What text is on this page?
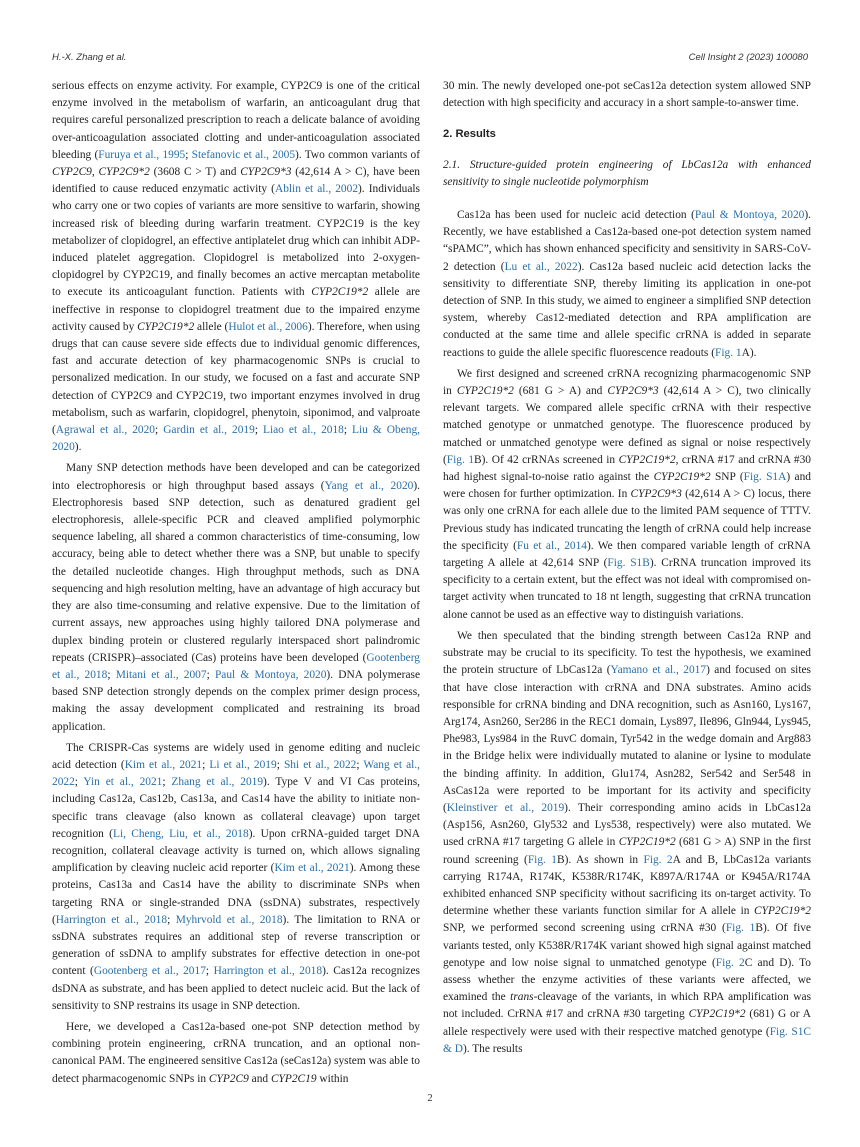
H.-X. Zhang et al.	Cell Insight 2 (2023) 100080

serious effects on enzyme activity. For example, CYP2C9 is one of the critical enzyme involved in the metabolism of warfarin, an anticoagulant drug that requires careful personalized prescription to reach a delicate balance of avoiding over-anticoagulation associated clotting and under-anticoagulation associated bleeding (Furuya et al., 1995; Stefanovic et al., 2005). Two common variants of CYP2C9, CYP2C9*2 (3608 C > T) and CYP2C9*3 (42,614 A > C), have been identified to cause reduced enzymatic activity (Ablin et al., 2002). Individuals who carry one or two copies of variants are more sensitive to warfarin, showing increased risk of bleeding during warfarin treatment. CYP2C19 is the key metabolizer of clopidogrel, an effective antiplatelet drug which can inhibit ADP-induced platelet aggregation. Clopidogrel is metabolized into 2-oxygen-clopidogrel by CYP2C19, and finally becomes an active mercaptan metabolite to execute its anticoagulant function. Patients with CYP2C19*2 allele are ineffective in response to clopidogrel treatment due to the impaired enzyme activity caused by CYP2C19*2 allele (Hulot et al., 2006). Therefore, when using drugs that can cause severe side effects due to individual genomic differences, fast and accurate detection of key pharmacogenomic SNPs is crucial to personalized medication. In our study, we focused on a fast and accurate SNP detection of CYP2C9 and CYP2C19, two important enzymes involved in drug metabolism, such as warfarin, clopidogrel, phenytoin, siponimod, and valproate (Agrawal et al., 2020; Gardin et al., 2019; Liao et al., 2018; Liu & Obeng, 2020).

Many SNP detection methods have been developed and can be categorized into electrophoresis or high throughput based assays (Yang et al., 2020). Electrophoresis based SNP detection, such as denatured gradient gel electrophoresis, allele-specific PCR and cleaved amplified polymorphic sequence labeling, all shared a common characteristics of time-consuming, low accuracy, being able to detect whether there was a SNP, but unable to specify the detailed nucleotide changes. High throughput methods, such as DNA sequencing and high resolution melting, have an advantage of high accuracy but they are also time-consuming and relative expensive. Due to the limitation of current assays, new approaches using highly tailored DNA polymerase and duplex binding protein or clustered regularly interspaced short palindromic repeats (CRISPR)–associated (Cas) proteins have been developed (Gootenberg et al., 2018; Mitani et al., 2007; Paul & Montoya, 2020). DNA polymerase based SNP detection strongly depends on the complex primer design process, making the assay development complicated and restraining its broad application.

The CRISPR-Cas systems are widely used in genome editing and nucleic acid detection (Kim et al., 2021; Li et al., 2019; Shi et al., 2022; Wang et al., 2022; Yin et al., 2021; Zhang et al., 2019). Type V and VI Cas proteins, including Cas12a, Cas12b, Cas13a, and Cas14 have the ability to initiate non-specific trans cleavage (also known as collateral cleavage) upon target recognition (Li, Cheng, Liu, et al., 2018). Upon crRNA-guided target DNA recognition, collateral cleavage activity is turned on, which allows signaling amplification by cleaving nucleic acid reporter (Kim et al., 2021). Among these proteins, Cas13a and Cas14 have the ability to discriminate SNPs when targeting RNA or single-stranded DNA (ssDNA) substrates, respectively (Harrington et al., 2018; Myhrvold et al., 2018). The limitation to RNA or ssDNA substrates requires an additional step of reverse transcription or generation of ssDNA to amplify substrates for effective detection in one-pot content (Gootenberg et al., 2017; Harrington et al., 2018). Cas12a recognizes dsDNA as substrate, and has been applied to detect nucleic acid. But the lack of sensitivity to SNP restrains its usage in SNP detection.

Here, we developed a Cas12a-based one-pot SNP detection method by combining protein engineering, crRNA truncation, and an optional non-canonical PAM. The engineered sensitive Cas12a (seCas12a) system was able to detect pharmacogenomic SNPs in CYP2C9 and CYP2C19 within

30 min. The newly developed one-pot seCas12a detection system allowed SNP detection with high specificity and accuracy in a short sample-to-answer time.

2. Results
2.1. Structure-guided protein engineering of LbCas12a with enhanced sensitivity to single nucleotide polymorphism

Cas12a has been used for nucleic acid detection (Paul & Montoya, 2020). Recently, we have established a Cas12a-based one-pot detection system named “sPAMC”, which has shown enhanced specificity and sensitivity in SARS-CoV-2 detection (Lu et al., 2022). Cas12a based nucleic acid detection lacks the sensitivity to differentiate SNP, thereby limiting its application in one-pot detection of SNP. In this study, we aimed to engineer a simplified SNP detection system, whereby Cas12-mediated detection and RPA amplification are conducted at the same time and allele specific crRNA is added in separate reactions to guide the allele specific fluorescence readouts (Fig. 1A).

We first designed and screened crRNA recognizing pharmacogenomic SNP in CYP2C19*2 (681 G > A) and CYP2C9*3 (42,614 A > C), two clinically relevant targets. We compared allele specific crRNA with their respective matched genotype or unmatched genotype. The fluorescence produced by matched or unmatched genotype were defined as signal or noise respectively (Fig. 1B). Of 42 crRNAs screened in CYP2C19*2, crRNA #17 and crRNA #30 had highest signal-to-noise ratio against the CYP2C19*2 SNP (Fig. S1A) and were chosen for further optimization. In CYP2C9*3 (42,614 A > C) locus, there was only one crRNA for each allele due to the limited PAM sequence of TTTV. Previous study has indicated truncating the length of crRNA could help increase the specificity (Fu et al., 2014). We then compared variable length of crRNA targeting A allele at 42,614 SNP (Fig. S1B). CrRNA truncation improved its specificity to a certain extent, but the effect was not ideal with compromised on-target activity when truncated to 18 nt length, suggesting that crRNA truncation alone cannot be used as an effective way to distinguish variations.

We then speculated that the binding strength between Cas12a RNP and substrate may be crucial to its specificity. To test the hypothesis, we examined the protein structure of LbCas12a (Yamano et al., 2017) and focused on sites that have close interaction with crRNA and DNA substrates. Amino acids responsible for crRNA binding and DNA recognition, such as Asn160, Lys167, Arg174, Asn260, Ser286 in the REC1 domain, Lys897, Ile896, Gln944, Lys945, Phe983, Lys984 in the RuvC domain, Tyr542 in the wedge domain and Arg883 in the Bridge helix were individually mutated to alanine or lysine to modulate the binding affinity. In addition, Glu174, Asn282, Ser542 and Ser548 in AsCas12a were reported to be important for its activity and specificity (Kleinstiver et al., 2019). Their corresponding amino acids in LbCas12a (Asp156, Asn260, Gly532 and Lys538, respectively) were also mutated. We used crRNA #17 targeting G allele in CYP2C19*2 (681 G > A) SNP in the first round screening (Fig. 1B). As shown in Fig. 2A and B, LbCas12a variants carrying R174A, R174K, K538R/R174K, K897A/R174A or K945A/R174A exhibited enhanced SNP specificity without sacrificing its on-target activity. To determine whether these variants function similar for A allele in CYP2C19*2 SNP, we performed second screening using crRNA #30 (Fig. 1B). Of five variants tested, only K538R/R174K variant showed high signal against matched genotype and low noise signal to unmatched genotype (Fig. 2C and D). To assess whether the enzyme activities of these variants were affected, we examined the trans-cleavage of the variants, in which RPA amplification was not included. CrRNA #17 and crRNA #30 targeting CYP2C19*2 (681) G or A allele respectively were used with their respective matched genotype (Fig. S1C & D). The results

2
